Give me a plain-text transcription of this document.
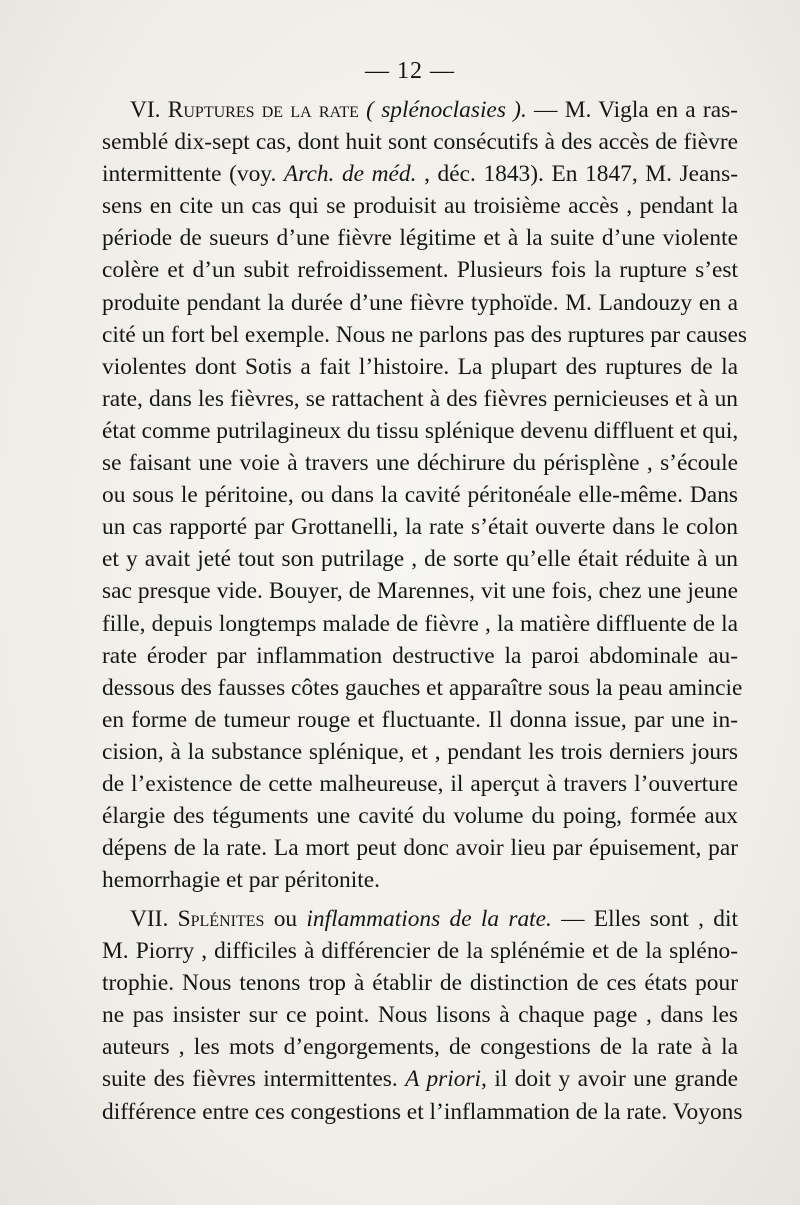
— 12 —
VI. Ruptures de la rate ( splénoclasies ). — M. Vigla en a ras-
semblé dix-sept cas, dont huit sont consécutifs à des accès de fièvre
intermittente (voy. Arch. de méd. , déc. 1843). En 1847, M. Jeans-
sens en cite un cas qui se produisit au troisième accès , pendant la
période de sueurs d’une fièvre légitime et à la suite d’une violente
colère et d’un subit refroidissement. Plusieurs fois la rupture s’est
produite pendant la durée d’une fièvre typhoïde. M. Landouzy en a
cité un fort bel exemple. Nous ne parlons pas des ruptures par causes
violentes dont Sotis a fait l’histoire. La plupart des ruptures de la
rate, dans les fièvres, se rattachent à des fièvres pernicieuses et à un
état comme putrilagineux du tissu splénique devenu diffluent et qui,
se faisant une voie à travers une déchirure du périsplène , s’écoule
ou sous le péritoine, ou dans la cavité péritonéale elle-même. Dans
un cas rapporté par Grottanelli, la rate s’était ouverte dans le colon
et y avait jeté tout son putrilage , de sorte qu’elle était réduite à un
sac presque vide. Bouyer, de Marennes, vit une fois, chez une jeune
fille, depuis longtemps malade de fièvre , la matière diffluente de la
rate éroder par inflammation destructive la paroi abdominale au-
dessous des fausses côtes gauches et apparaître sous la peau amincie
en forme de tumeur rouge et fluctuante. Il donna issue, par une in-
cision, à la substance splénique, et , pendant les trois derniers jours
de l’existence de cette malheureuse, il aperçut à travers l’ouverture
élargie des téguments une cavité du volume du poing, formée aux
dépens de la rate. La mort peut donc avoir lieu par épuisement, par
hemorrhagie et par péritonite.
VII. Splénites ou inflammations de la rate. — Elles sont , dit
M. Piorry , difficiles à différencier de la splénémie et de la spléno-
trophie. Nous tenons trop à établir de distinction de ces états pour
ne pas insister sur ce point. Nous lisons à chaque page , dans les
auteurs , les mots d’engorgements, de congestions de la rate à la
suite des fièvres intermittentes. A priori, il doit y avoir une grande
différence entre ces congestions et l’inflammation de la rate. Voyons
